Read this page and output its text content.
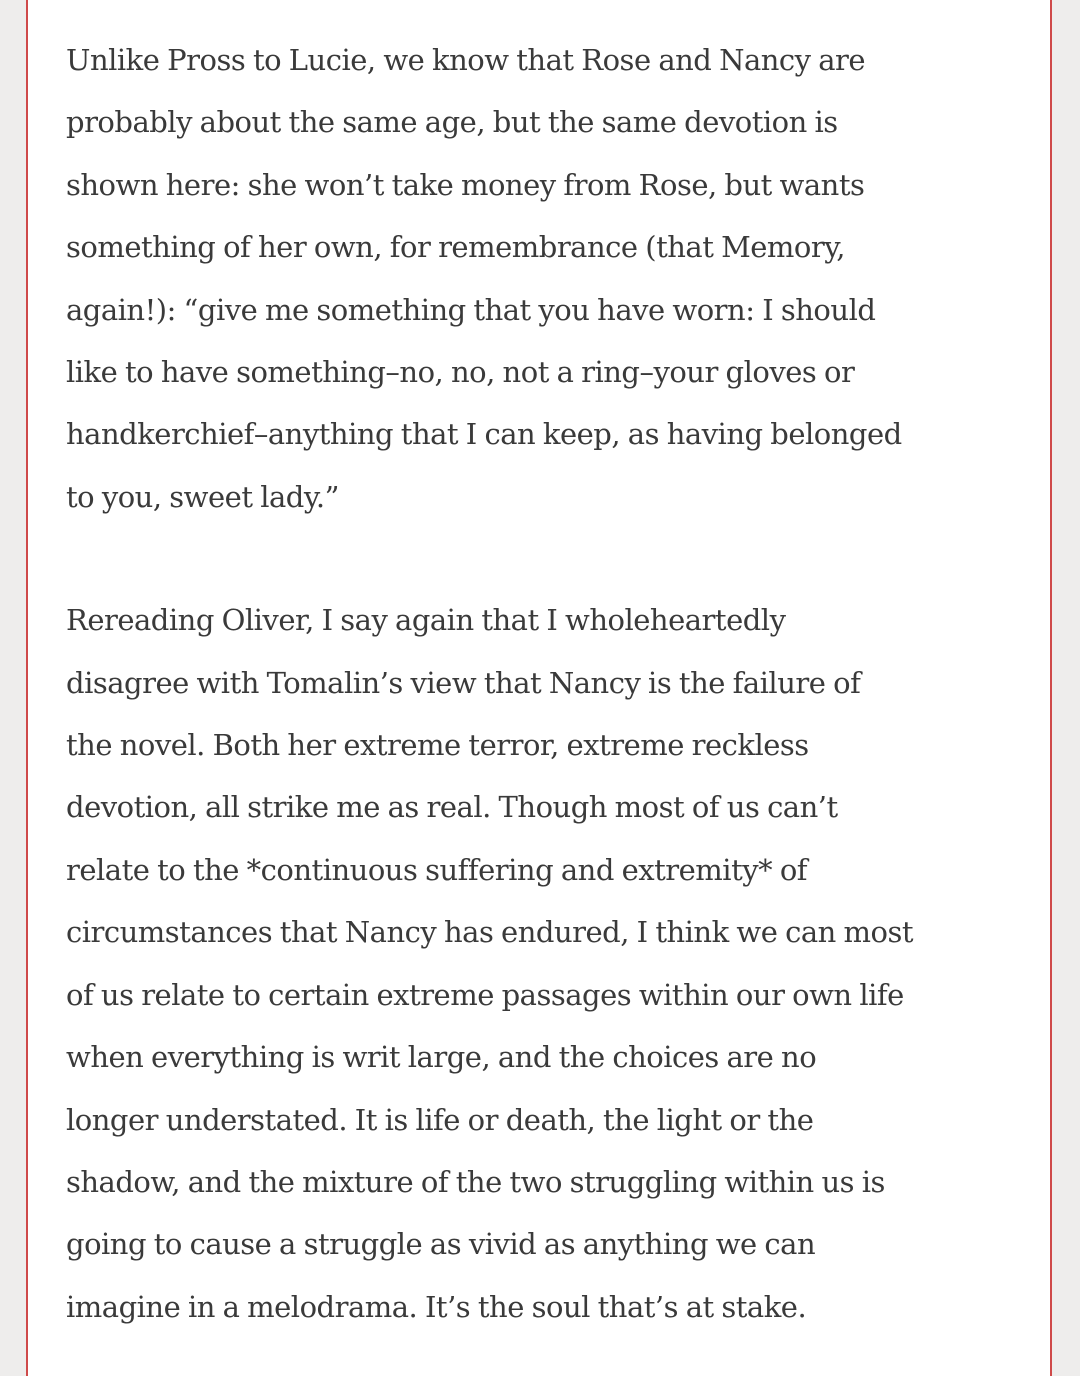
Unlike Pross to Lucie, we know that Rose and Nancy are
probably about the same age, but the same devotion is
shown here: she won’t take money from Rose, but wants
something of her own, for remembrance (that Memory,
again!): “give me something that you have worn: I should
like to have something–no, no, not a ring–your gloves or
handkerchief–anything that I can keep, as having belonged
to you, sweet lady.”

Rereading Oliver, I say again that I wholeheartedly
disagree with Tomalin’s view that Nancy is the failure of
the novel. Both her extreme terror, extreme reckless
devotion, all strike me as real. Though most of us can’t
relate to the *continuous suffering and extremity* of
circumstances that Nancy has endured, I think we can most
of us relate to certain extreme passages within our own life
when everything is writ large, and the choices are no
longer understated. It is life or death, the light or the
shadow, and the mixture of the two struggling within us is
going to cause a struggle as vivid as anything we can
imagine in a melodrama. It’s the soul that’s at stake.
